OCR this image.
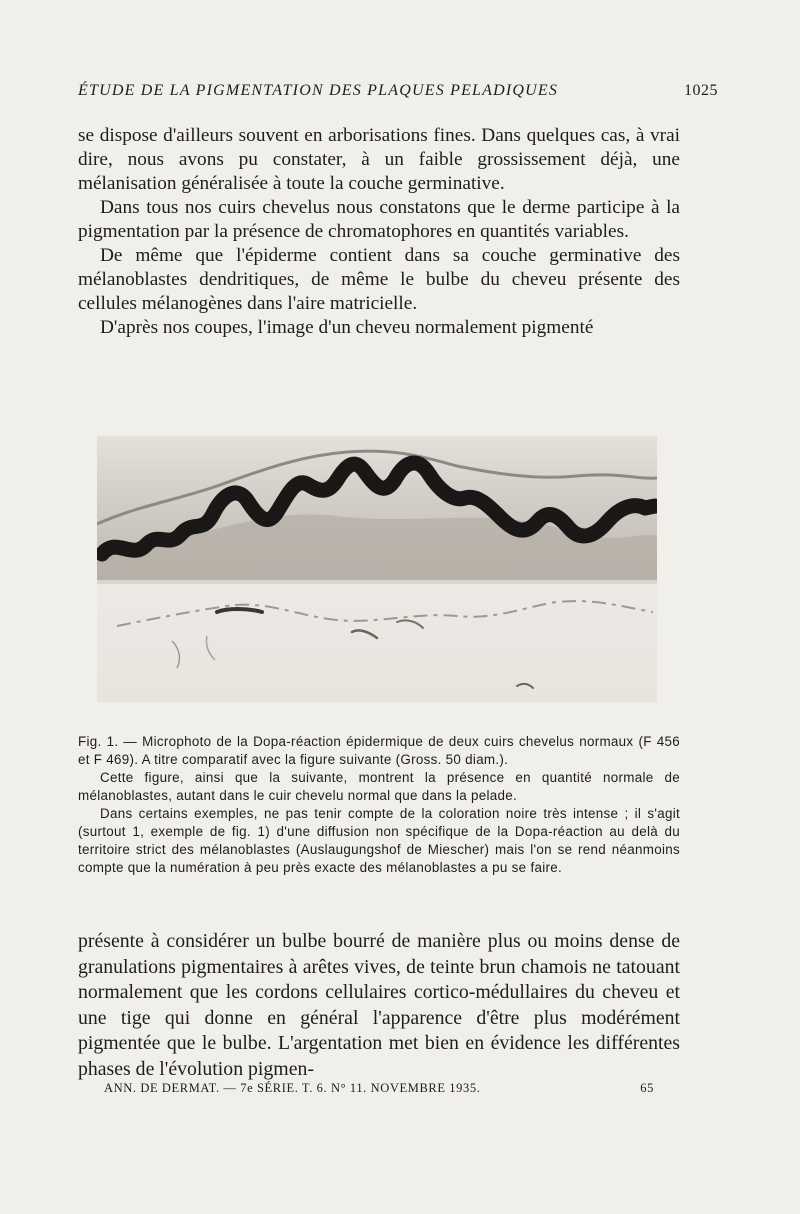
ÉTUDE DE LA PIGMENTATION DES PLAQUES PELADIQUES	1025

se dispose d'ailleurs souvent en arborisations fines. Dans quelques cas, à vrai dire, nous avons pu constater, à un faible grossissement déjà, une mélanisation généralisée à toute la couche germinative.

Dans tous nos cuirs chevelus nous constatons que le derme participe à la pigmentation par la présence de chromatophores en quantités variables.

De même que l'épiderme contient dans sa couche germinative des mélanoblastes dendritiques, de même le bulbe du cheveu présente des cellules mélanogènes dans l'aire matricielle.

D'après nos coupes, l'image d'un cheveu normalement pigmenté

Fig. 1. — Microphoto de la Dopa-réaction épidermique de deux cuirs chevelus normaux (F 456 et F 469). A titre comparatif avec la figure suivante (Gross. 50 diam.).

Cette figure, ainsi que la suivante, montrent la présence en quantité normale de mélanoblastes, autant dans le cuir chevelu normal que dans la pelade.

Dans certains exemples, ne pas tenir compte de la coloration noire très intense ; il s'agit (surtout 1, exemple de fig. 1) d'une diffusion non spécifique de la Dopa-réaction au delà du territoire strict des mélanoblastes (Auslaugungshof de Miescher) mais l'on se rend néanmoins compte que la numération à peu près exacte des mélanoblastes a pu se faire.

présente à considérer un bulbe bourré de manière plus ou moins dense de granulations pigmentaires à arêtes vives, de teinte brun chamois ne tatouant normalement que les cordons cellulaires cortico-médullaires du cheveu et une tige qui donne en général l'apparence d'être plus modérément pigmentée que le bulbe. L'argentation met bien en évidence les différentes phases de l'évolution pigmen-

ANN. DE DERMAT. — 7e SÉRIE. T. 6. N° 11. NOVEMBRE 1935.	65
